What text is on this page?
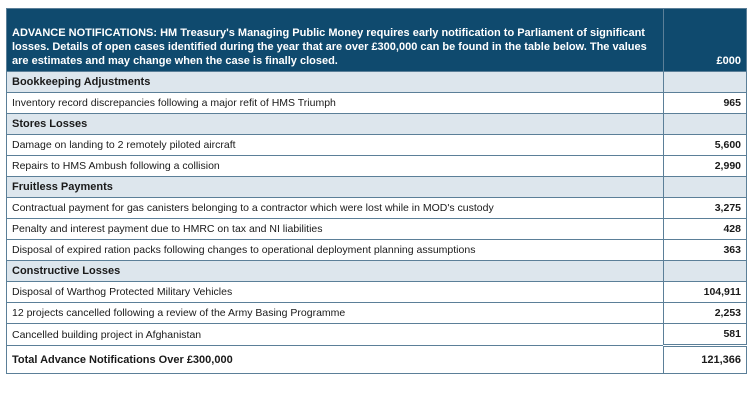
ADVANCE NOTIFICATIONS: HM Treasury's Managing Public Money requires early notification to Parliament of significant losses. Details of open cases identified during the year that are over £300,000 can be found in the table below. The values are estimates and may change when the case is finally closed.	£000
Bookkeeping Adjustments	
Inventory record discrepancies following a major refit of HMS Triumph	965
Stores Losses	
Damage on landing to 2 remotely piloted aircraft	5,600
Repairs to HMS Ambush following a collision	2,990
Fruitless Payments	
Contractual payment for gas canisters belonging to a contractor which were lost while in MOD's custody	3,275
Penalty and interest payment due to HMRC on tax and NI liabilities	428
Disposal of expired ration packs following changes to operational deployment planning assumptions	363
Constructive Losses	
Disposal of Warthog Protected Military Vehicles	104,911
12 projects cancelled following a review of the Army Basing Programme	2,253
Cancelled building project in Afghanistan	581
Total Advance Notifications Over £300,000	121,366
